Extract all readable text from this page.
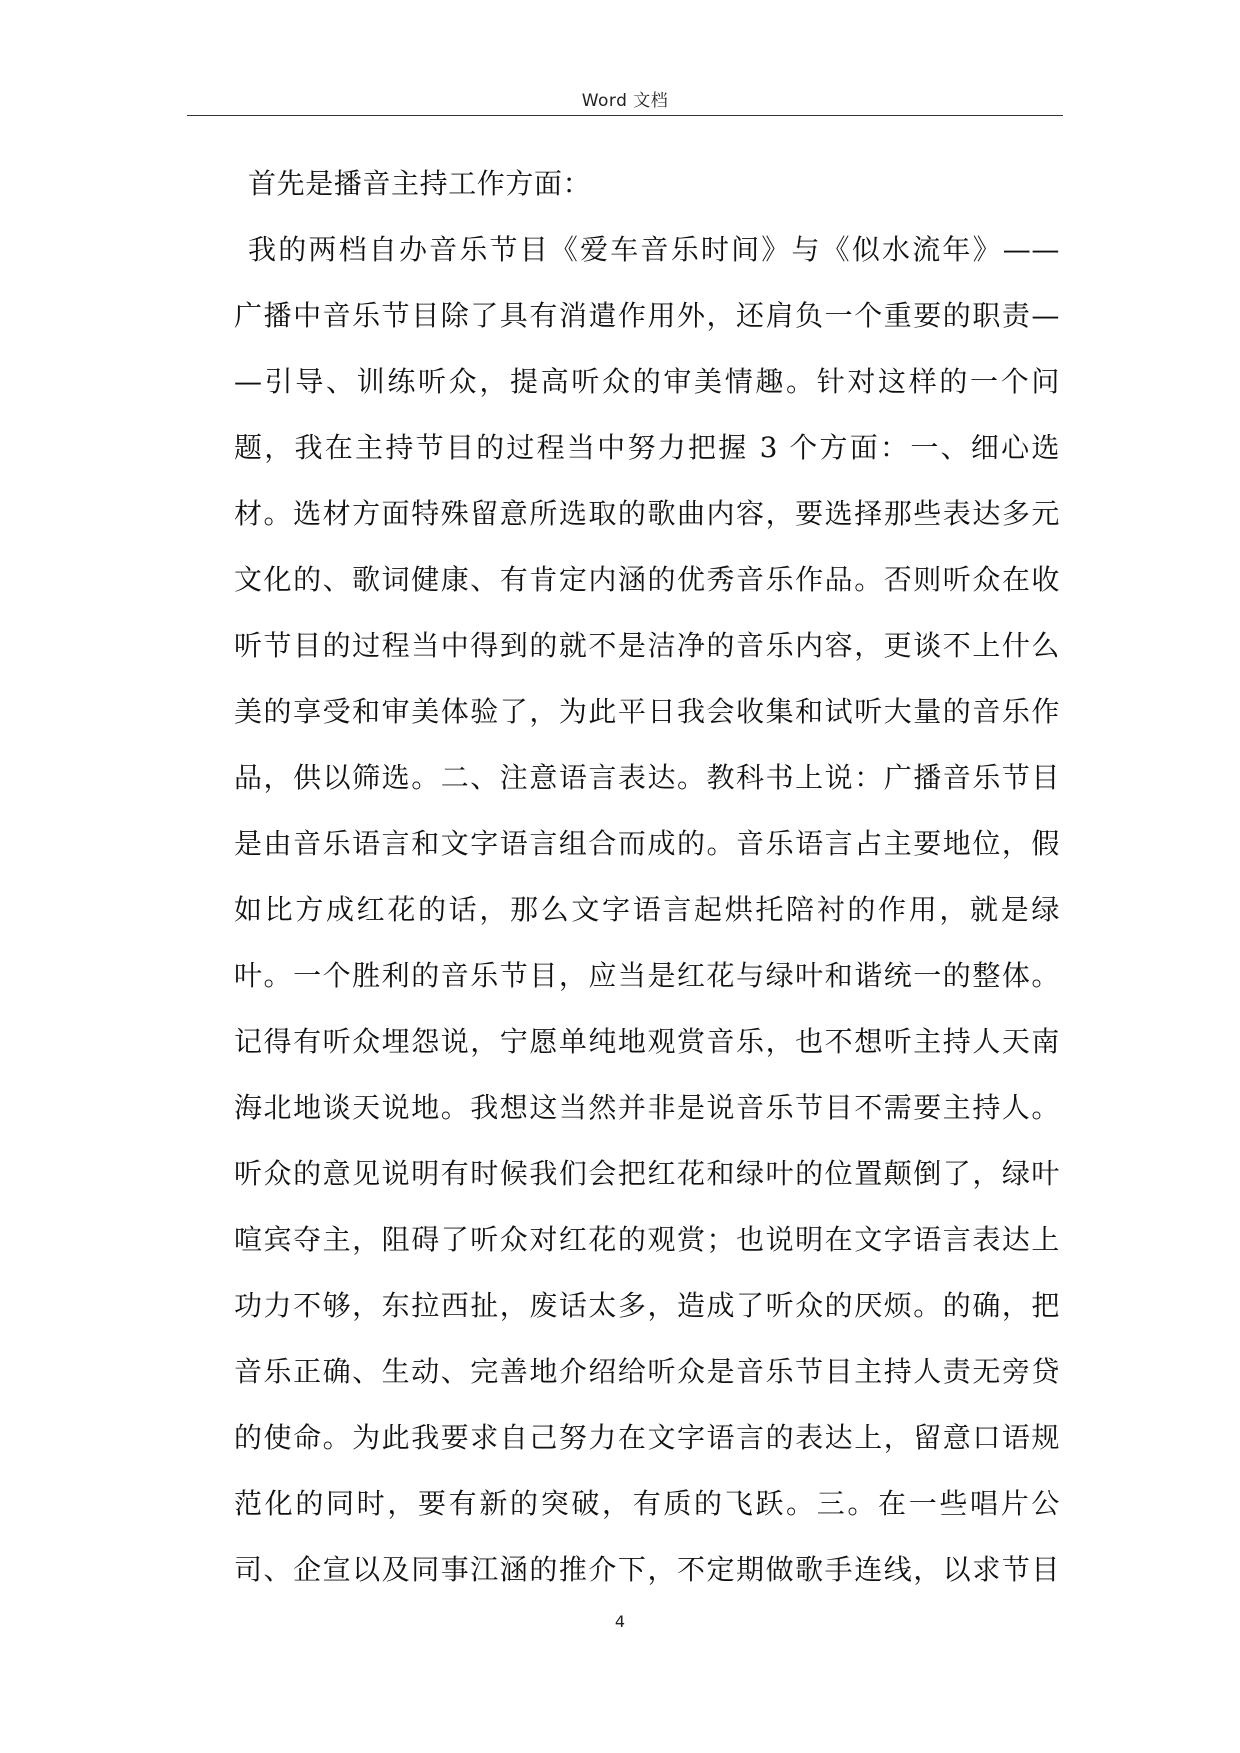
Word 文档
首先是播音主持工作方面：
我的两档自办音乐节目《爱车音乐时间》与《似水流年》——
广播中音乐节目除了具有消遣作用外，还肩负一个重要的职责—
—引导、训练听众，提高听众的审美情趣。针对这样的一个问
题，我在主持节目的过程当中努力把握 3 个方面：一、细心选
材。选材方面特殊留意所选取的歌曲内容，要选择那些表达多元
文化的、歌词健康、有肯定内涵的优秀音乐作品。否则听众在收
听节目的过程当中得到的就不是洁净的音乐内容，更谈不上什么
美的享受和审美体验了，为此平日我会收集和试听大量的音乐作
品，供以筛选。二、注意语言表达。教科书上说：广播音乐节目
是由音乐语言和文字语言组合而成的。音乐语言占主要地位，假
如比方成红花的话，那么文字语言起烘托陪衬的作用，就是绿
叶。一个胜利的音乐节目，应当是红花与绿叶和谐统一的整体。
记得有听众埋怨说，宁愿单纯地观赏音乐，也不想听主持人天南
海北地谈天说地。我想这当然并非是说音乐节目不需要主持人。
听众的意见说明有时候我们会把红花和绿叶的位置颠倒了，绿叶
喧宾夺主，阻碍了听众对红花的观赏；也说明在文字语言表达上
功力不够，东拉西扯，废话太多，造成了听众的厌烦。的确，把
音乐正确、生动、完善地介绍给听众是音乐节目主持人责无旁贷
的使命。为此我要求自己努力在文字语言的表达上，留意口语规
范化的同时，要有新的突破，有质的飞跃。三。在一些唱片公
司、企宣以及同事江涵的推介下，不定期做歌手连线，以求节目
4
